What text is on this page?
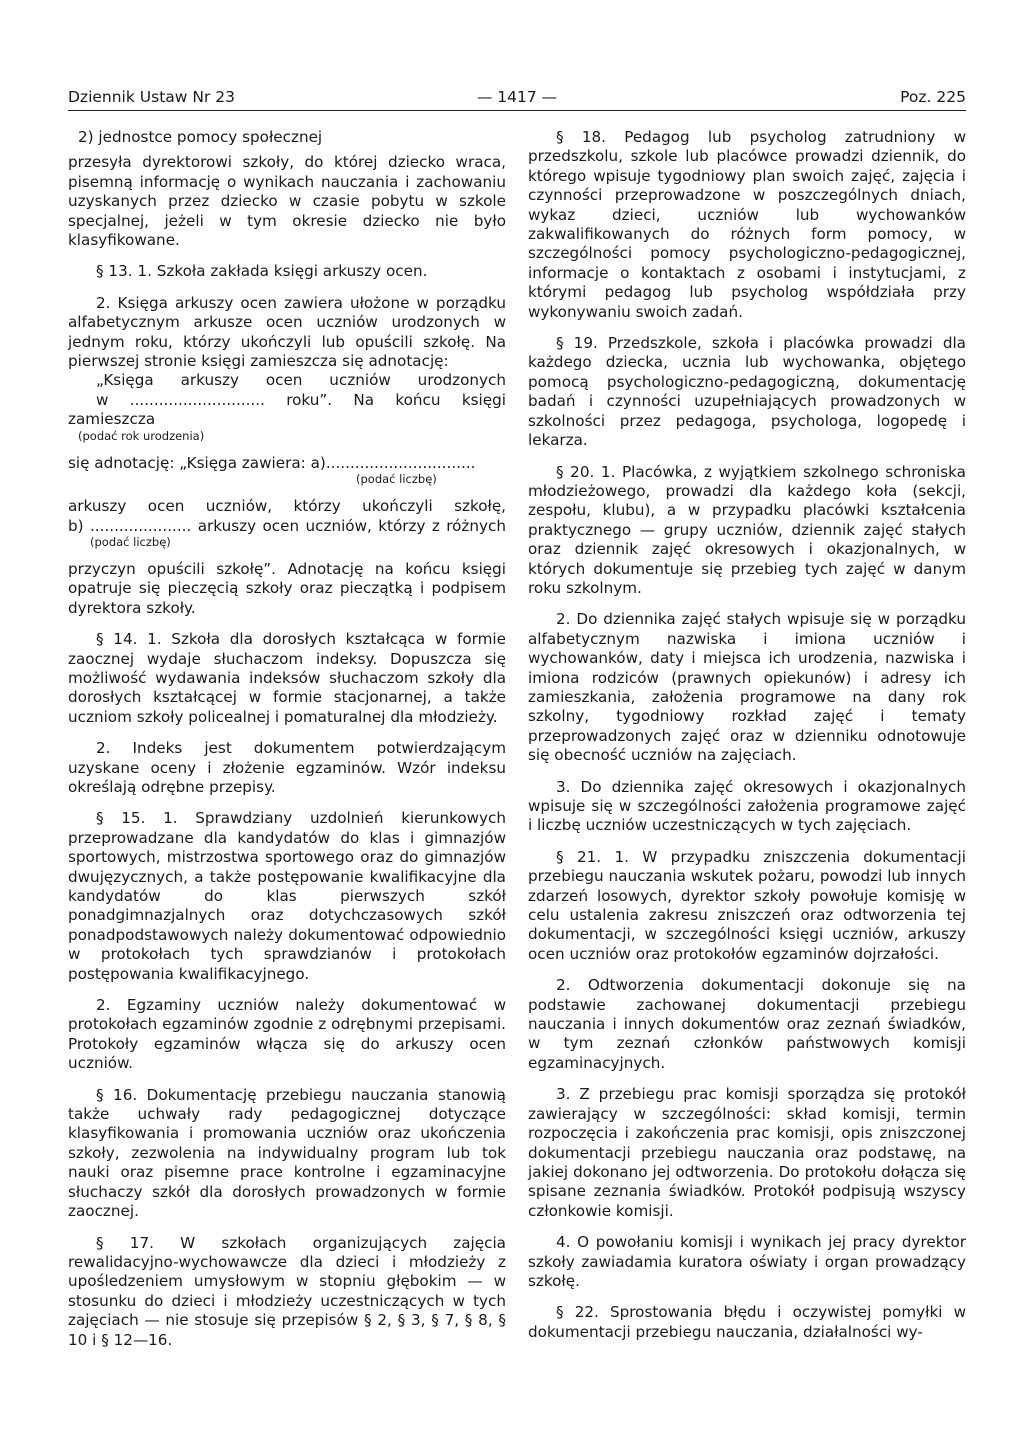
Dziennik Ustaw Nr 23	— 1417 —	Poz. 225

2) jednostce pomocy społecznej

przesyła dyrektorowi szkoły, do której dziecko wraca, pisemną informację o wynikach nauczania i zachowaniu uzyskanych przez dziecko w czasie pobytu w szkole specjalnej, jeżeli w tym okresie dziecko nie było klasyfikowane.

§ 13. 1. Szkoła zakłada księgi arkuszy ocen.

2. Księga arkuszy ocen zawiera ułożone w porządku alfabetycznym arkusze ocen uczniów urodzonych w jednym roku, którzy ukończyli lub opuścili szkołę. Na pierwszej stronie księgi zamieszcza się adnotację:
„Księga arkuszy ocen uczniów urodzonych
w ............................ roku”. Na końcu księgi zamieszcza

(podać rok urodzenia)

się adnotację: „Księga zawiera: a)...............................

(podać liczbę)

arkuszy ocen uczniów, którzy ukończyli szkołę,
b) ..................... arkuszy ocen uczniów, którzy z różnych

(podać liczbę)

przyczyn opuścili szkołę”. Adnotację na końcu księgi opatruje się pieczęcią szkoły oraz pieczątką i podpisem dyrektora szkoły.

§ 14. 1. Szkoła dla dorosłych kształcąca w formie zaocznej wydaje słuchaczom indeksy. Dopuszcza się możliwość wydawania indeksów słuchaczom szkoły dla dorosłych kształcącej w formie stacjonarnej, a także uczniom szkoły policealnej i pomaturalnej dla młodzieży.

2. Indeks jest dokumentem potwierdzającym uzyskane oceny i złożenie egzaminów. Wzór indeksu określają odrębne przepisy.

§ 15. 1. Sprawdziany uzdolnień kierunkowych przeprowadzane dla kandydatów do klas i gimnazjów sportowych, mistrzostwa sportowego oraz do gimnazjów dwujęzycznych, a także postępowanie kwalifikacyjne dla kandydatów do klas pierwszych szkół ponadgimnazjalnych oraz dotychczasowych szkół ponadpodstawowych należy dokumentować odpowiednio w protokołach tych sprawdzianów i protokołach postępowania kwalifikacyjnego.

2. Egzaminy uczniów należy dokumentować w protokołach egzaminów zgodnie z odrębnymi przepisami. Protokoły egzaminów włącza się do arkuszy ocen uczniów.

§ 16. Dokumentację przebiegu nauczania stanowią także uchwały rady pedagogicznej dotyczące klasyfikowania i promowania uczniów oraz ukończenia szkoły, zezwolenia na indywidualny program lub tok nauki oraz pisemne prace kontrolne i egzaminacyjne słuchaczy szkół dla dorosłych prowadzonych w formie zaocznej.

§ 17. W szkołach organizujących zajęcia rewalidacyjno-wychowawcze dla dzieci i młodzieży z upośledzeniem umysłowym w stopniu głębokim — w stosunku do dzieci i młodzieży uczestniczących w tych zajęciach — nie stosuje się przepisów § 2, § 3, § 7, § 8, § 10 i § 12—16.

§ 18. Pedagog lub psycholog zatrudniony w przedszkolu, szkole lub placówce prowadzi dziennik, do którego wpisuje tygodniowy plan swoich zajęć, zajęcia i czynności przeprowadzone w poszczególnych dniach, wykaz dzieci, uczniów lub wychowanków zakwalifikowanych do różnych form pomocy, w szczególności pomocy psychologiczno-pedagogicznej, informacje o kontaktach z osobami i instytucjami, z którymi pedagog lub psycholog współdziała przy wykonywaniu swoich zadań.

§ 19. Przedszkole, szkoła i placówka prowadzi dla każdego dziecka, ucznia lub wychowanka, objętego pomocą psychologiczno-pedagogiczną, dokumentację badań i czynności uzupełniających prowadzonych w szkolności przez pedagoga, psychologa, logopedę i lekarza.

§ 20. 1. Placówka, z wyjątkiem szkolnego schroniska młodzieżowego, prowadzi dla każdego koła (sekcji, zespołu, klubu), a w przypadku placówki kształcenia praktycznego — grupy uczniów, dziennik zajęć stałych oraz dziennik zajęć okresowych i okazjonalnych, w których dokumentuje się przebieg tych zajęć w danym roku szkolnym.

2. Do dziennika zajęć stałych wpisuje się w porządku alfabetycznym nazwiska i imiona uczniów i wychowanków, daty i miejsca ich urodzenia, nazwiska i imiona rodziców (prawnych opiekunów) i adresy ich zamieszkania, założenia programowe na dany rok szkolny, tygodniowy rozkład zajęć i tematy przeprowadzonych zajęć oraz w dzienniku odnotowuje się obecność uczniów na zajęciach.

3. Do dziennika zajęć okresowych i okazjonalnych wpisuje się w szczególności założenia programowe zajęć i liczbę uczniów uczestniczących w tych zajęciach.

§ 21. 1. W przypadku zniszczenia dokumentacji przebiegu nauczania wskutek pożaru, powodzi lub innych zdarzeń losowych, dyrektor szkoły powołuje komisję w celu ustalenia zakresu zniszczeń oraz odtworzenia tej dokumentacji, w szczególności księgi uczniów, arkuszy ocen uczniów oraz protokołów egzaminów dojrzałości.

2. Odtworzenia dokumentacji dokonuje się na podstawie zachowanej dokumentacji przebiegu nauczania i innych dokumentów oraz zeznań świadków, w tym zeznań członków państwowych komisji egzaminacyjnych.

3. Z przebiegu prac komisji sporządza się protokół zawierający w szczególności: skład komisji, termin rozpoczęcia i zakończenia prac komisji, opis zniszczonej dokumentacji przebiegu nauczania oraz podstawę, na jakiej dokonano jej odtworzenia. Do protokołu dołącza się spisane zeznania świadków. Protokół podpisują wszyscy członkowie komisji.

4. O powołaniu komisji i wynikach jej pracy dyrektor szkoły zawiadamia kuratora oświaty i organ prowadzący szkołę.

§ 22. Sprostowania błędu i oczywistej pomyłki w dokumentacji przebiegu nauczania, działalności wy-
